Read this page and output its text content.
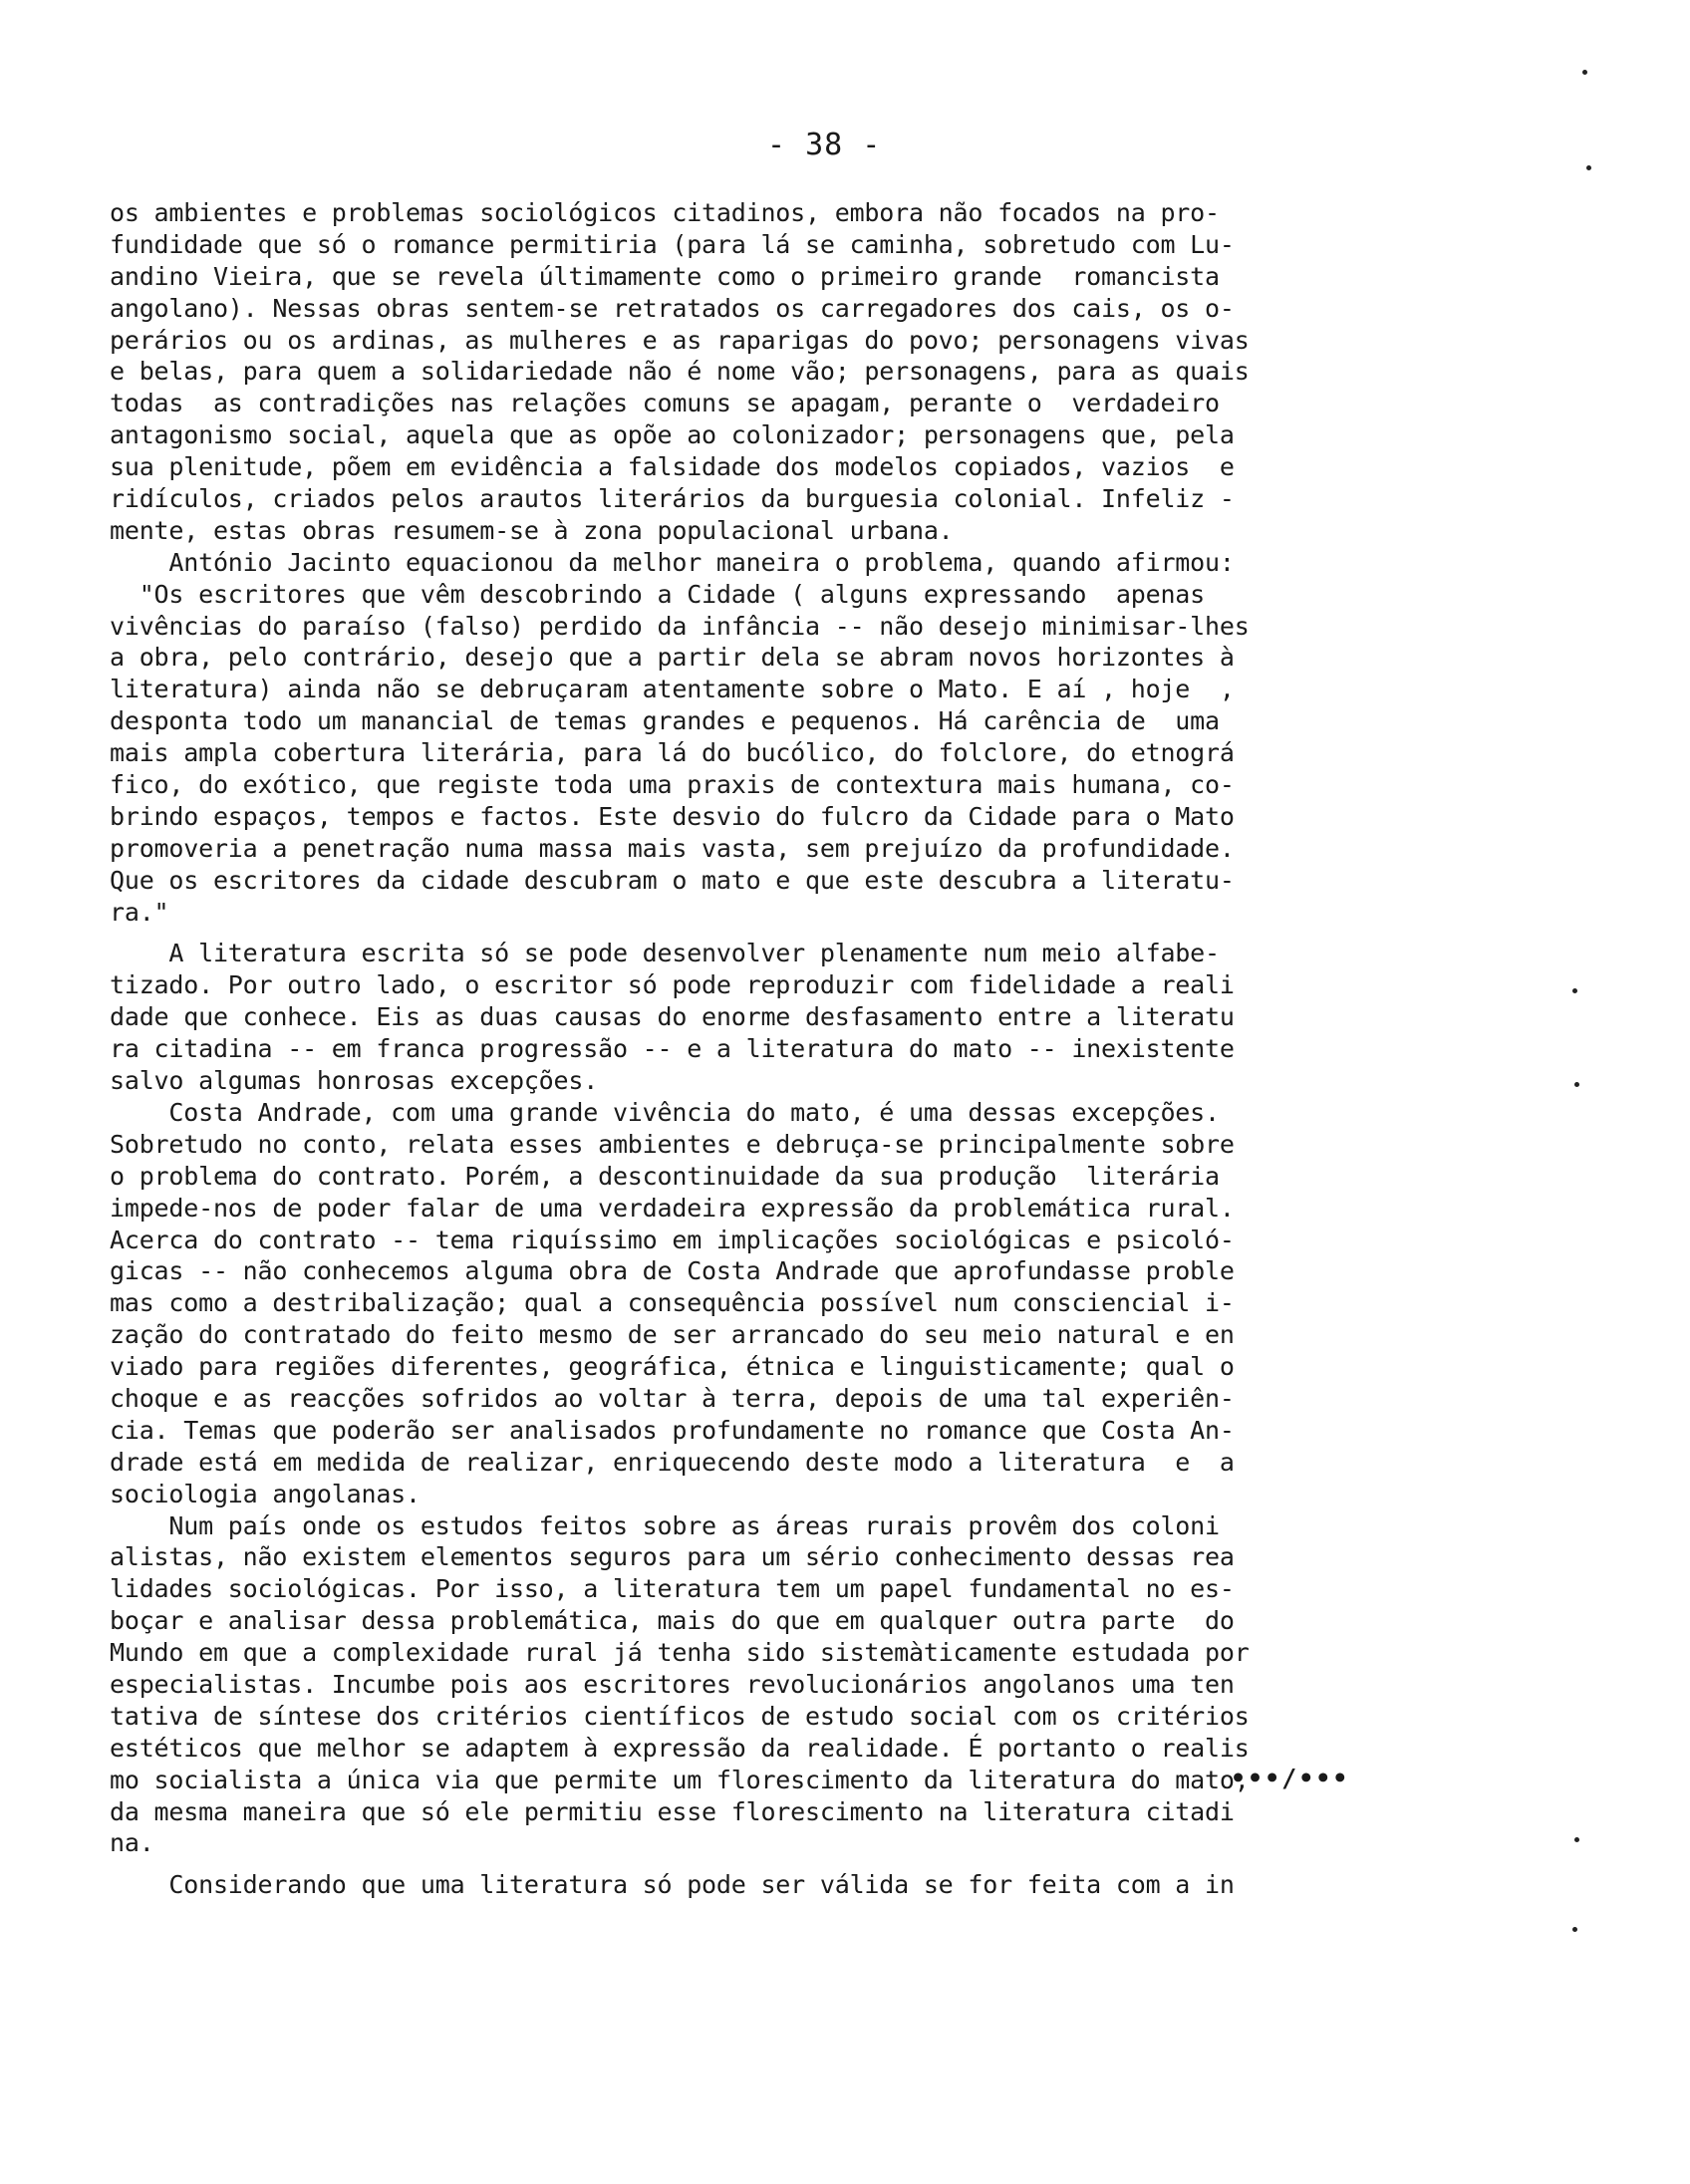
- 38 -
os ambientes e problemas sociológicos citadinos, embora não focados na pro-
fundidade que só o romance permitiria (para lá se caminha, sobretudo com Lu-
andino Vieira, que se revela últimamente como o primeiro grande  romancista
angolano). Nessas obras sentem-se retratados os carregadores dos cais, os o-
perários ou os ardinas, as mulheres e as raparigas do povo; personagens vivas
e belas, para quem a solidariedade não é nome vão; personagens, para as quais
todas  as contradições nas relações comuns se apagam, perante o  verdadeiro
antagonismo social, aquela que as opõe ao colonizador; personagens que, pela
sua plenitude, põem em evidência a falsidade dos modelos copiados, vazios  e
ridículos, criados pelos arautos literários da burguesia colonial. Infeliz -
mente, estas obras resumem-se à zona populacional urbana.
António Jacinto equacionou da melhor maneira o problema, quando afirmou:
"Os escritores que vêm descobrindo a Cidade ( alguns expressando  apenas
vivências do paraíso (falso) perdido da infância -- não desejo minimisar-lhes
a obra, pelo contrário, desejo que a partir dela se abram novos horizontes à
literatura) ainda não se debruçaram atentamente sobre o Mato. E aí , hoje  ,
desponta todo um manancial de temas grandes e pequenos. Há carência de  uma
mais ampla cobertura literária, para lá do bucólico, do folclore, do etnográ
fico, do exótico, que registe toda uma praxis de contextura mais humana, co-
brindo espaços, tempos e factos. Este desvio do fulcro da Cidade para o Mato
promoveria a penetração numa massa mais vasta, sem prejuízo da profundidade.
Que os escritores da cidade descubram o mato e que este descubra a literatu-
ra."
A literatura escrita só se pode desenvolver plenamente num meio alfabe-
tizado. Por outro lado, o escritor só pode reproduzir com fidelidade a reali
dade que conhece. Eis as duas causas do enorme desfasamento entre a literatu
ra citadina -- em franca progressão -- e a literatura do mato -- inexistente
salvo algumas honrosas excepções.
Costa Andrade, com uma grande vivência do mato, é uma dessas excepções.
Sobretudo no conto, relata esses ambientes e debruça-se principalmente sobre
o problema do contrato. Porém, a descontinuidade da sua produção  literária
impede-nos de poder falar de uma verdadeira expressão da problemática rural.
Acerca do contrato -- tema riquíssimo em implicações sociológicas e psicoló-
gicas -- não conhecemos alguma obra de Costa Andrade que aprofundasse proble
mas como a destribalização; qual a consequência possível num consciencial i-
zação do contratado do feito mesmo de ser arrancado do seu meio natural e en
viado para regiões diferentes, geográfica, étnica e linguisticamente; qual o
choque e as reacções sofridos ao voltar à terra, depois de uma tal experiên-
cia. Temas que poderão ser analisados profundamente no romance que Costa An-
drade está em medida de realizar, enriquecendo deste modo a literatura  e  a
sociologia angolanas.
Num país onde os estudos feitos sobre as áreas rurais provêm dos coloni
alistas, não existem elementos seguros para um sério conhecimento dessas rea
lidades sociológicas. Por isso, a literatura tem um papel fundamental no es-
boçar e analisar dessa problemática, mais do que em qualquer outra parte  do
Mundo em que a complexidade rural já tenha sido sistemàticamente estudada por
especialistas. Incumbe pois aos escritores revolucionários angolanos uma ten
tativa de síntese dos critérios científicos de estudo social com os critérios
estéticos que melhor se adaptem à expressão da realidade. É portanto o realis
mo socialista a única via que permite um florescimento da literatura do mato,
da mesma maneira que só ele permitiu esse florescimento na literatura citadi
na.
Considerando que uma literatura só pode ser válida se for feita com a in
•••/•••
